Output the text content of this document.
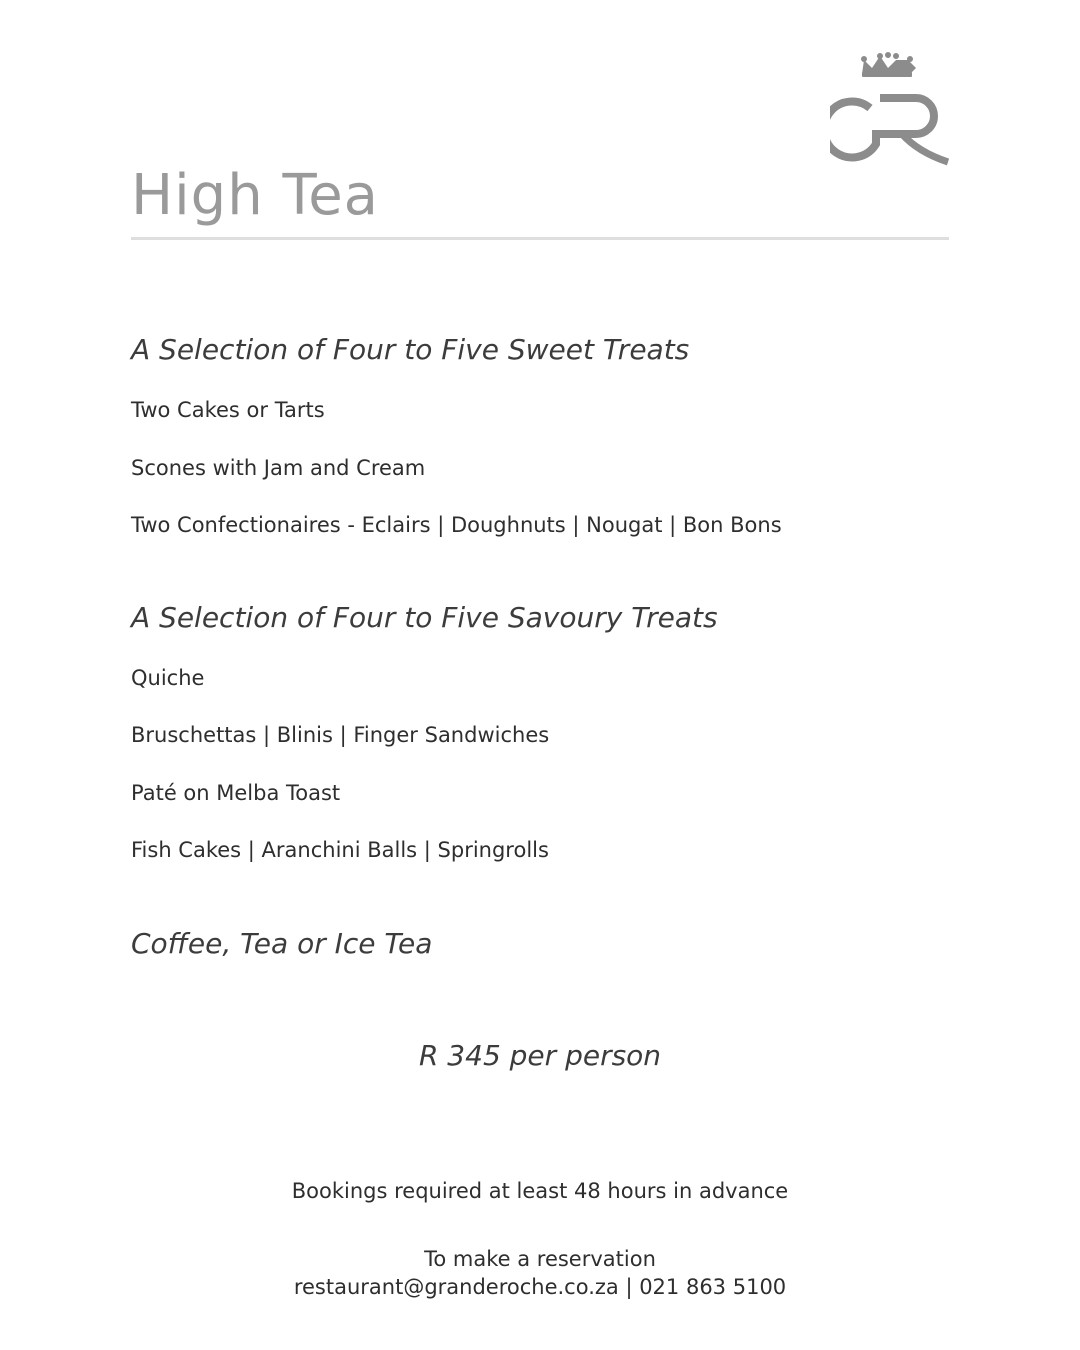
High Tea
A Selection of Four to Five Sweet Treats

Two Cakes or Tarts

Scones with Jam and Cream

Two Confectionaires - Eclairs | Doughnuts | Nougat | Bon Bons

A Selection of Four to Five Savoury Treats

Quiche

Bruschettas | Blinis | Finger Sandwiches

Paté on Melba Toast

Fish Cakes | Aranchini Balls | Springrolls

Coffee, Tea or Ice Tea
R 345 per person
Bookings required at least 48 hours in advance
To make a reservation
restaurant@granderoche.co.za | 021 863 5100
